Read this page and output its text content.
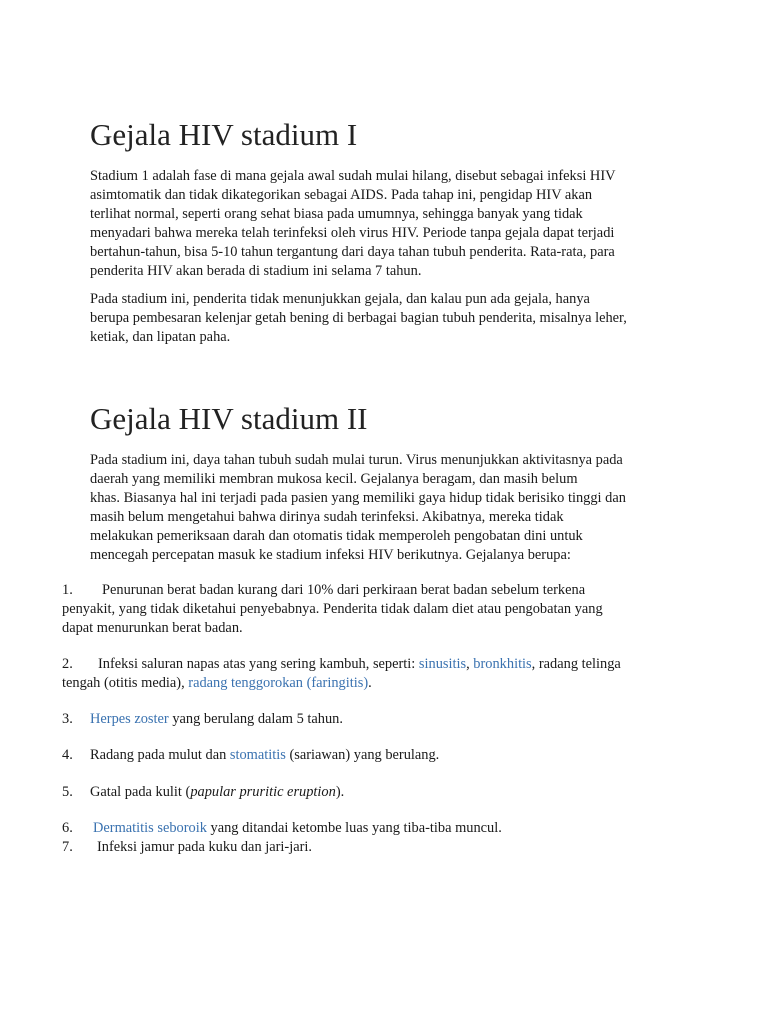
Gejala HIV stadium I

Stadium 1 adalah fase di mana gejala awal sudah mulai hilang, disebut sebagai infeksi HIV
asimtomatik dan tidak dikategorikan sebagai AIDS. Pada tahap ini, pengidap HIV akan
terlihat normal, seperti orang sehat biasa pada umumnya, sehingga banyak yang tidak
menyadari bahwa mereka telah terinfeksi oleh virus HIV. Periode tanpa gejala dapat terjadi
bertahun-tahun, bisa 5-10 tahun tergantung dari daya tahan tubuh penderita. Rata-rata, para
penderita HIV akan berada di stadium ini selama 7 tahun.

Pada stadium ini, penderita tidak menunjukkan gejala, dan kalau pun ada gejala, hanya
berupa pembesaran kelenjar getah bening di berbagai bagian tubuh penderita, misalnya leher,
ketiak, dan lipatan paha.

Gejala HIV stadium II

Pada stadium ini, daya tahan tubuh sudah mulai turun. Virus menunjukkan aktivitasnya pada
daerah yang memiliki membran mukosa kecil. Gejalanya beragam, dan masih belum
khas. Biasanya hal ini terjadi pada pasien yang memiliki gaya hidup tidak berisiko tinggi dan
masih belum mengetahui bahwa dirinya sudah terinfeksi. Akibatnya, mereka tidak
melakukan pemeriksaan darah dan otomatis tidak memperoleh pengobatan dini untuk
mencegah percepatan masuk ke stadium infeksi HIV berikutnya. Gejalanya berupa:

1. Penurunan berat badan kurang dari 10% dari perkiraan berat badan sebelum terkena
penyakit, yang tidak diketahui penyebabnya. Penderita tidak dalam diet atau pengobatan yang
dapat menurunkan berat badan.
2. Infeksi saluran napas atas yang sering kambuh, seperti: sinusitis, bronkhitis, radang telinga
tengah (otitis media), radang tenggorokan (faringitis).
3. Herpes zoster yang berulang dalam 5 tahun.
4. Radang pada mulut dan stomatitis (sariawan) yang berulang.
5. Gatal pada kulit (papular pruritic eruption).
6. Dermatitis seboroik yang ditandai ketombe luas yang tiba-tiba muncul.
7. Infeksi jamur pada kuku dan jari-jari.
